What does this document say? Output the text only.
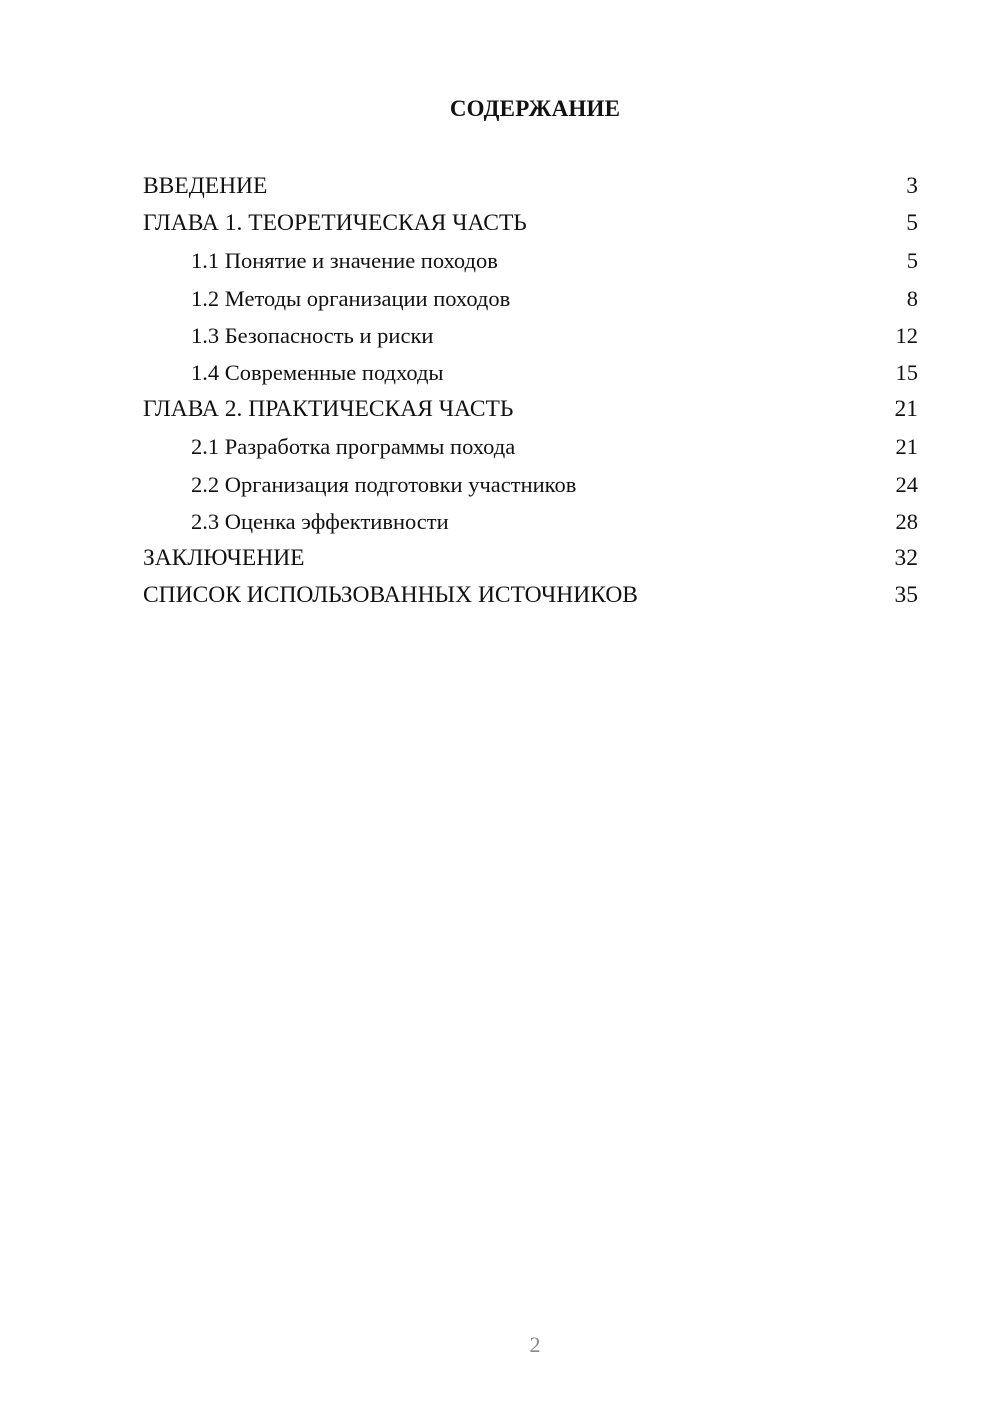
СОДЕРЖАНИЕ
ВВЕДЕНИЕ	3
ГЛАВА 1. ТЕОРЕТИЧЕСКАЯ ЧАСТЬ	5
1.1 Понятие и значение походов	5
1.2 Методы организации походов	8
1.3 Безопасность и риски	12
1.4 Современные подходы	15
ГЛАВА 2. ПРАКТИЧЕСКАЯ ЧАСТЬ	21
2.1 Разработка программы похода	21
2.2 Организация подготовки участников	24
2.3 Оценка эффективности	28
ЗАКЛЮЧЕНИЕ	32
СПИСОК ИСПОЛЬЗОВАННЫХ ИСТОЧНИКОВ	35
2
